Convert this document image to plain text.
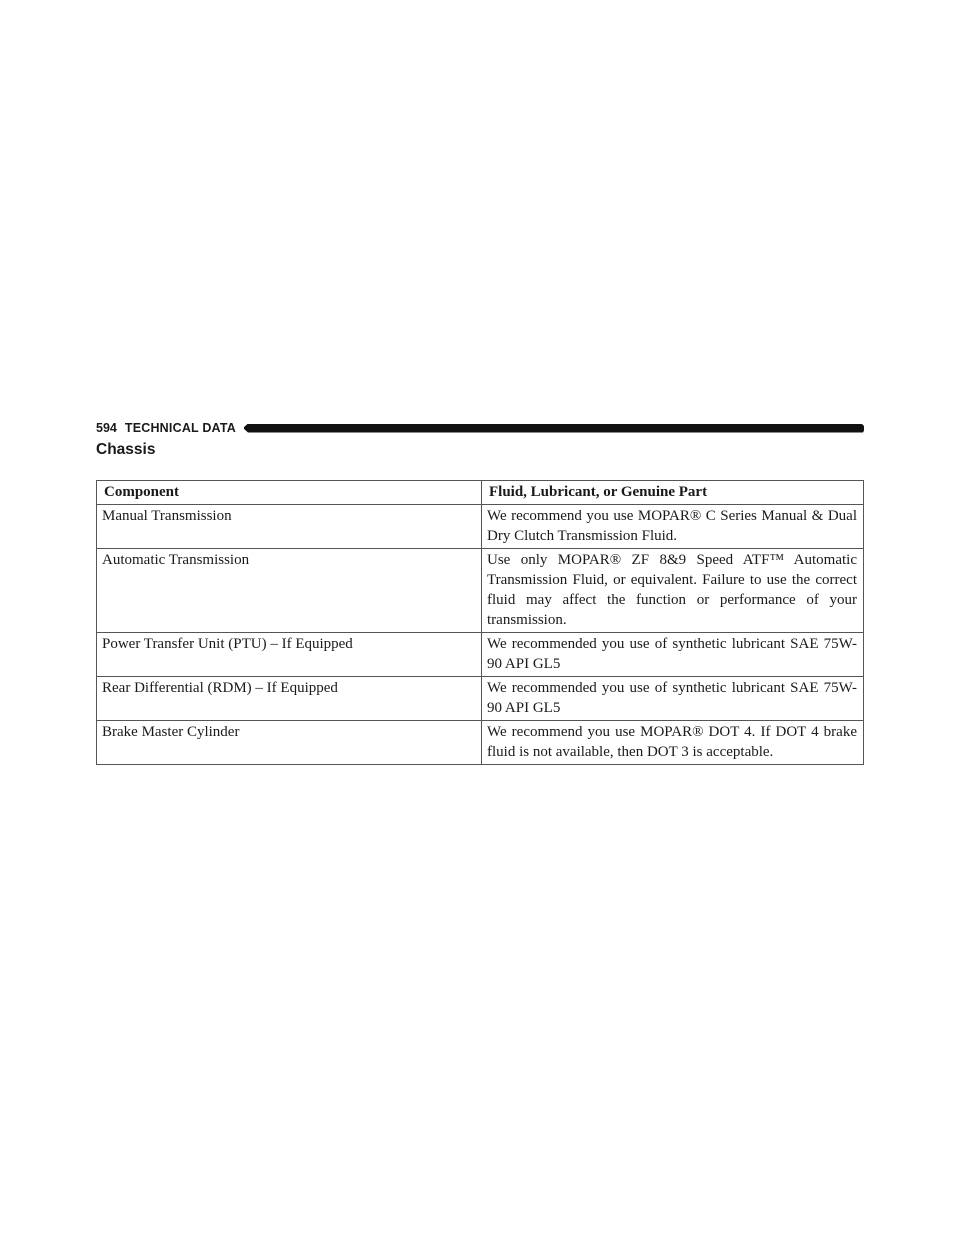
594 TECHNICAL DATA
Chassis
Component	Fluid, Lubricant, or Genuine Part
Manual Transmission	We recommend you use MOPAR® C Series Manual & Dual Dry Clutch Transmission Fluid.
Automatic Transmission	Use only MOPAR® ZF 8&9 Speed ATF™ Automatic Transmission Fluid, or equivalent. Failure to use the correct fluid may affect the function or performance of your transmission.
Power Transfer Unit (PTU) – If Equipped	We recommended you use of synthetic lubricant SAE 75W-90 API GL5
Rear Differential (RDM) – If Equipped	We recommended you use of synthetic lubricant SAE 75W-90 API GL5
Brake Master Cylinder	We recommend you use MOPAR® DOT 4. If DOT 4 brake fluid is not available, then DOT 3 is acceptable.
